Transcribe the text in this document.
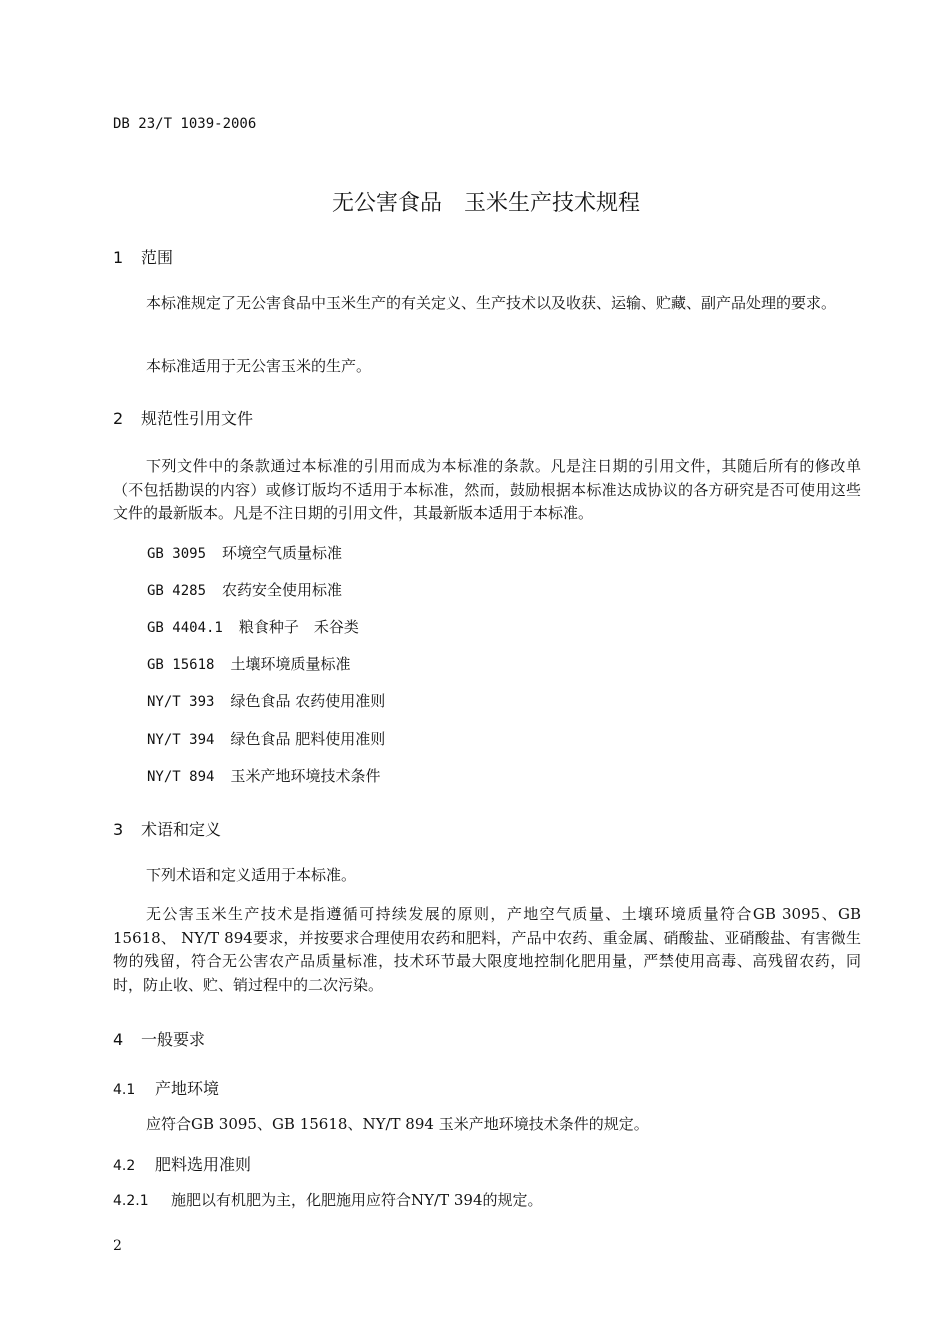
DB 23/T 1039-2006
无公害食品　玉米生产技术规程
1 范围
本标准规定了无公害食品中玉米生产的有关定义、生产技术以及收获、运输、贮藏、副产品处理的要求。
本标准适用于无公害玉米的生产。
2 规范性引用文件
下列文件中的条款通过本标准的引用而成为本标准的条款。凡是注日期的引用文件，其随后所有的修改单（不包括勘误的内容）或修订版均不适用于本标准，然而，鼓励根据本标准达成协议的各方研究是否可使用这些文件的最新版本。凡是不注日期的引用文件，其最新版本适用于本标准。
GB 3095 环境空气质量标准
GB 4285 农药安全使用标准
GB 4404.1 粮食种子　禾谷类
GB 15618 土壤环境质量标准
NY/T 393 绿色食品 农药使用准则
NY/T 394 绿色食品 肥料使用准则
NY/T 894 玉米产地环境技术条件
3 术语和定义
下列术语和定义适用于本标准。
无公害玉米生产技术是指遵循可持续发展的原则，产地空气质量、土壤环境质量符合GB 3095、GB 15618、 NY/T 894要求，并按要求合理使用农药和肥料，产品中农药、重金属、硝酸盐、亚硝酸盐、有害微生物的残留，符合无公害农产品质量标准，技术环节最大限度地控制化肥用量，严禁使用高毒、高残留农药，同时，防止收、贮、销过程中的二次污染。
4 一般要求
4.1 产地环境
应符合GB 3095、GB 15618、NY/T 894 玉米产地环境技术条件的规定。
4.2 肥料选用准则
4.2.1 施肥以有机肥为主，化肥施用应符合NY/T 394的规定。
2
